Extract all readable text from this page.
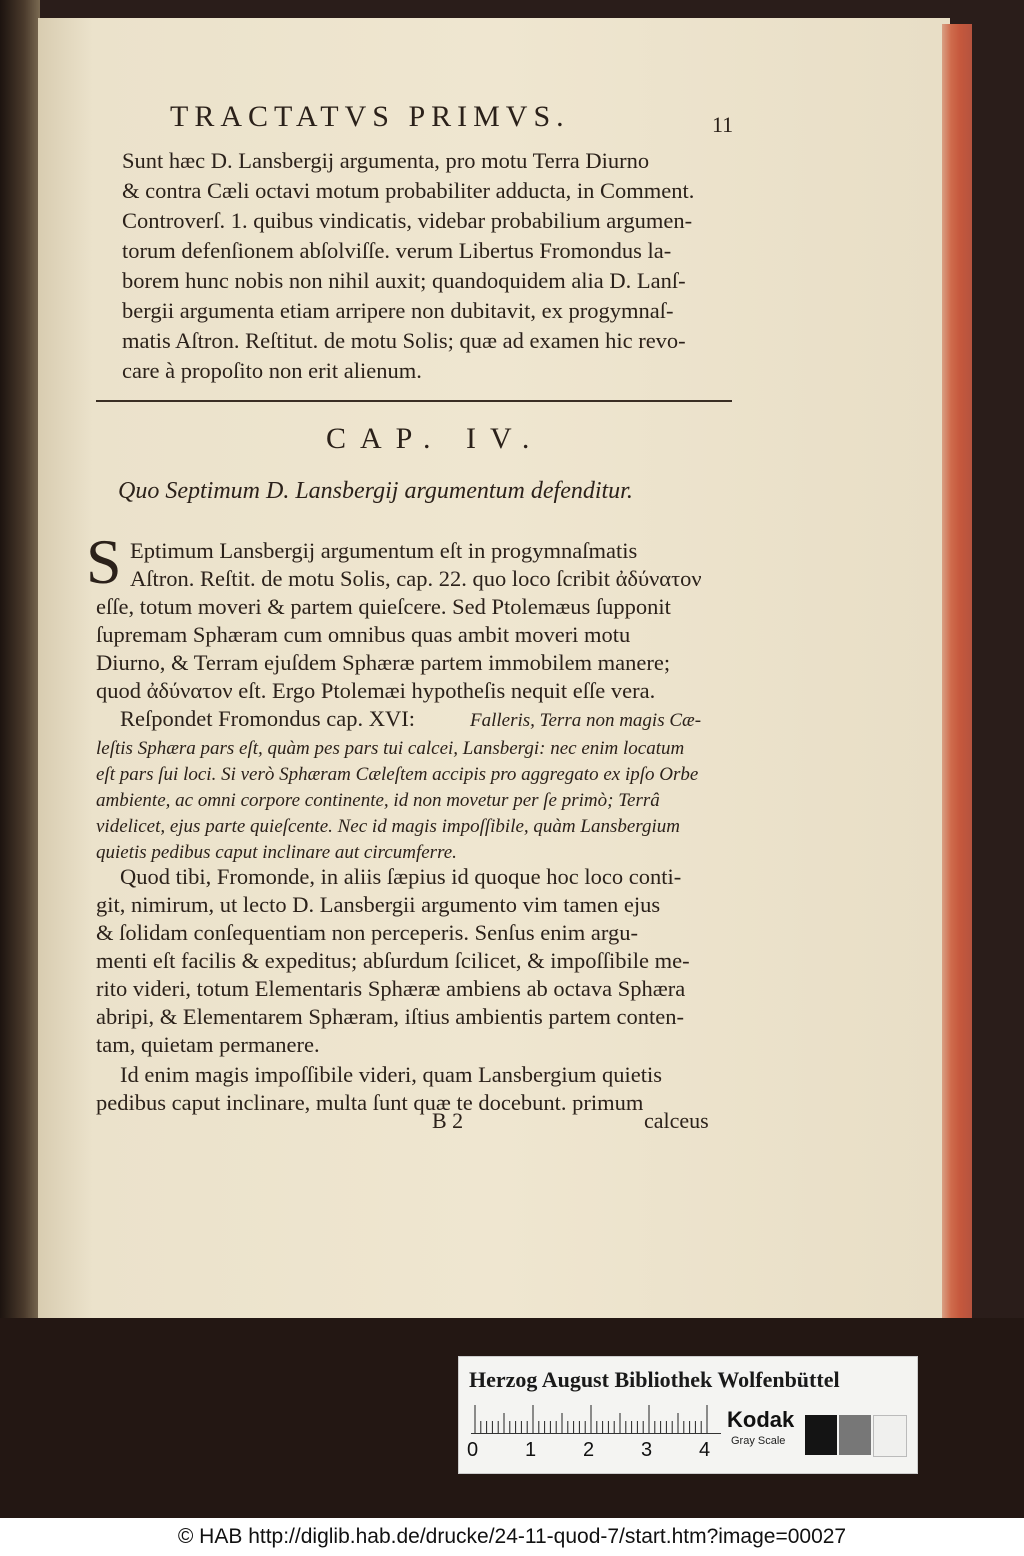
TRACTATVS PRIMVS.	11
Sunt hæc D. Lansbergij argumenta, pro motu Terra Diurno
& contra Cæli octavi motum probabiliter adducta, in Comment.
Controverſ. 1. quibus vindicatis, videbar probabilium argumen-
torum defenſionem abſolviſſe. verum Libertus Fromondus la-
borem hunc nobis non nihil auxit; quandoquidem alia D. Lanſ-
bergii argumenta etiam arripere non dubitavit, ex progymnaſ-
matis Aſtron. Reſtitut. de motu Solis; quæ ad examen hic revo-
care à propoſito non erit alienum.
CAP. IV.
Quo Septimum D. Lansbergij argumentum defenditur.
S Eptimum Lansbergij argumentum eſt in progymnaſmatis
Aſtron. Reſtit. de motu Solis, cap. 22. quo loco ſcribit ἀδύνατον
eſſe, totum moveri & partem quieſcere. Sed Ptolemæus ſupponit
ſupremam Sphæram cum omnibus quas ambit moveri motu
Diurno, & Terram ejuſdem Sphæræ partem immobilem manere;
quod ἀδύνατον eſt. Ergo Ptolemæi hypotheſis nequit eſſe vera.
Reſpondet Fromondus cap. XVI:	Falleris, Terra non magis Cæ-
leſtis Sphæra pars eſt, quàm pes pars tui calcei, Lansbergi: nec enim locatum
eſt pars ſui loci. Si verò Sphæram Cæleſtem accipis pro aggregato ex ipſo Orbe
ambiente, ac omni corpore continente, id non movetur per ſe primò; Terrâ
videlicet, ejus parte quieſcente. Nec id magis impoſſibile, quàm Lansbergium
quietis pedibus caput inclinare aut circumferre.
Quod tibi, Fromonde, in aliis ſæpius id quoque hoc loco conti-
git, nimirum, ut lecto D. Lansbergii argumento vim tamen ejus
& ſolidam conſequentiam non perceperis. Senſus enim argu-
menti eſt facilis & expeditus; abſurdum ſcilicet, & impoſſibile me-
rito videri, totum Elementaris Sphæræ ambiens ab octava Sphæra
abripi, & Elementarem Sphæram, iſtius ambientis partem conten-
tam, quietam permanere.
Id enim magis impoſſibile videri, quam Lansbergium quietis
pedibus caput inclinare, multa ſunt quæ te docebunt. primum
B 2	calceus
Herzog August Bibliothek Wolfenbüttel
0 1 2 3 4
Kodak
Gray Scale
© HAB http://diglib.hab.de/drucke/24-11-quod-7/start.htm?image=00027
